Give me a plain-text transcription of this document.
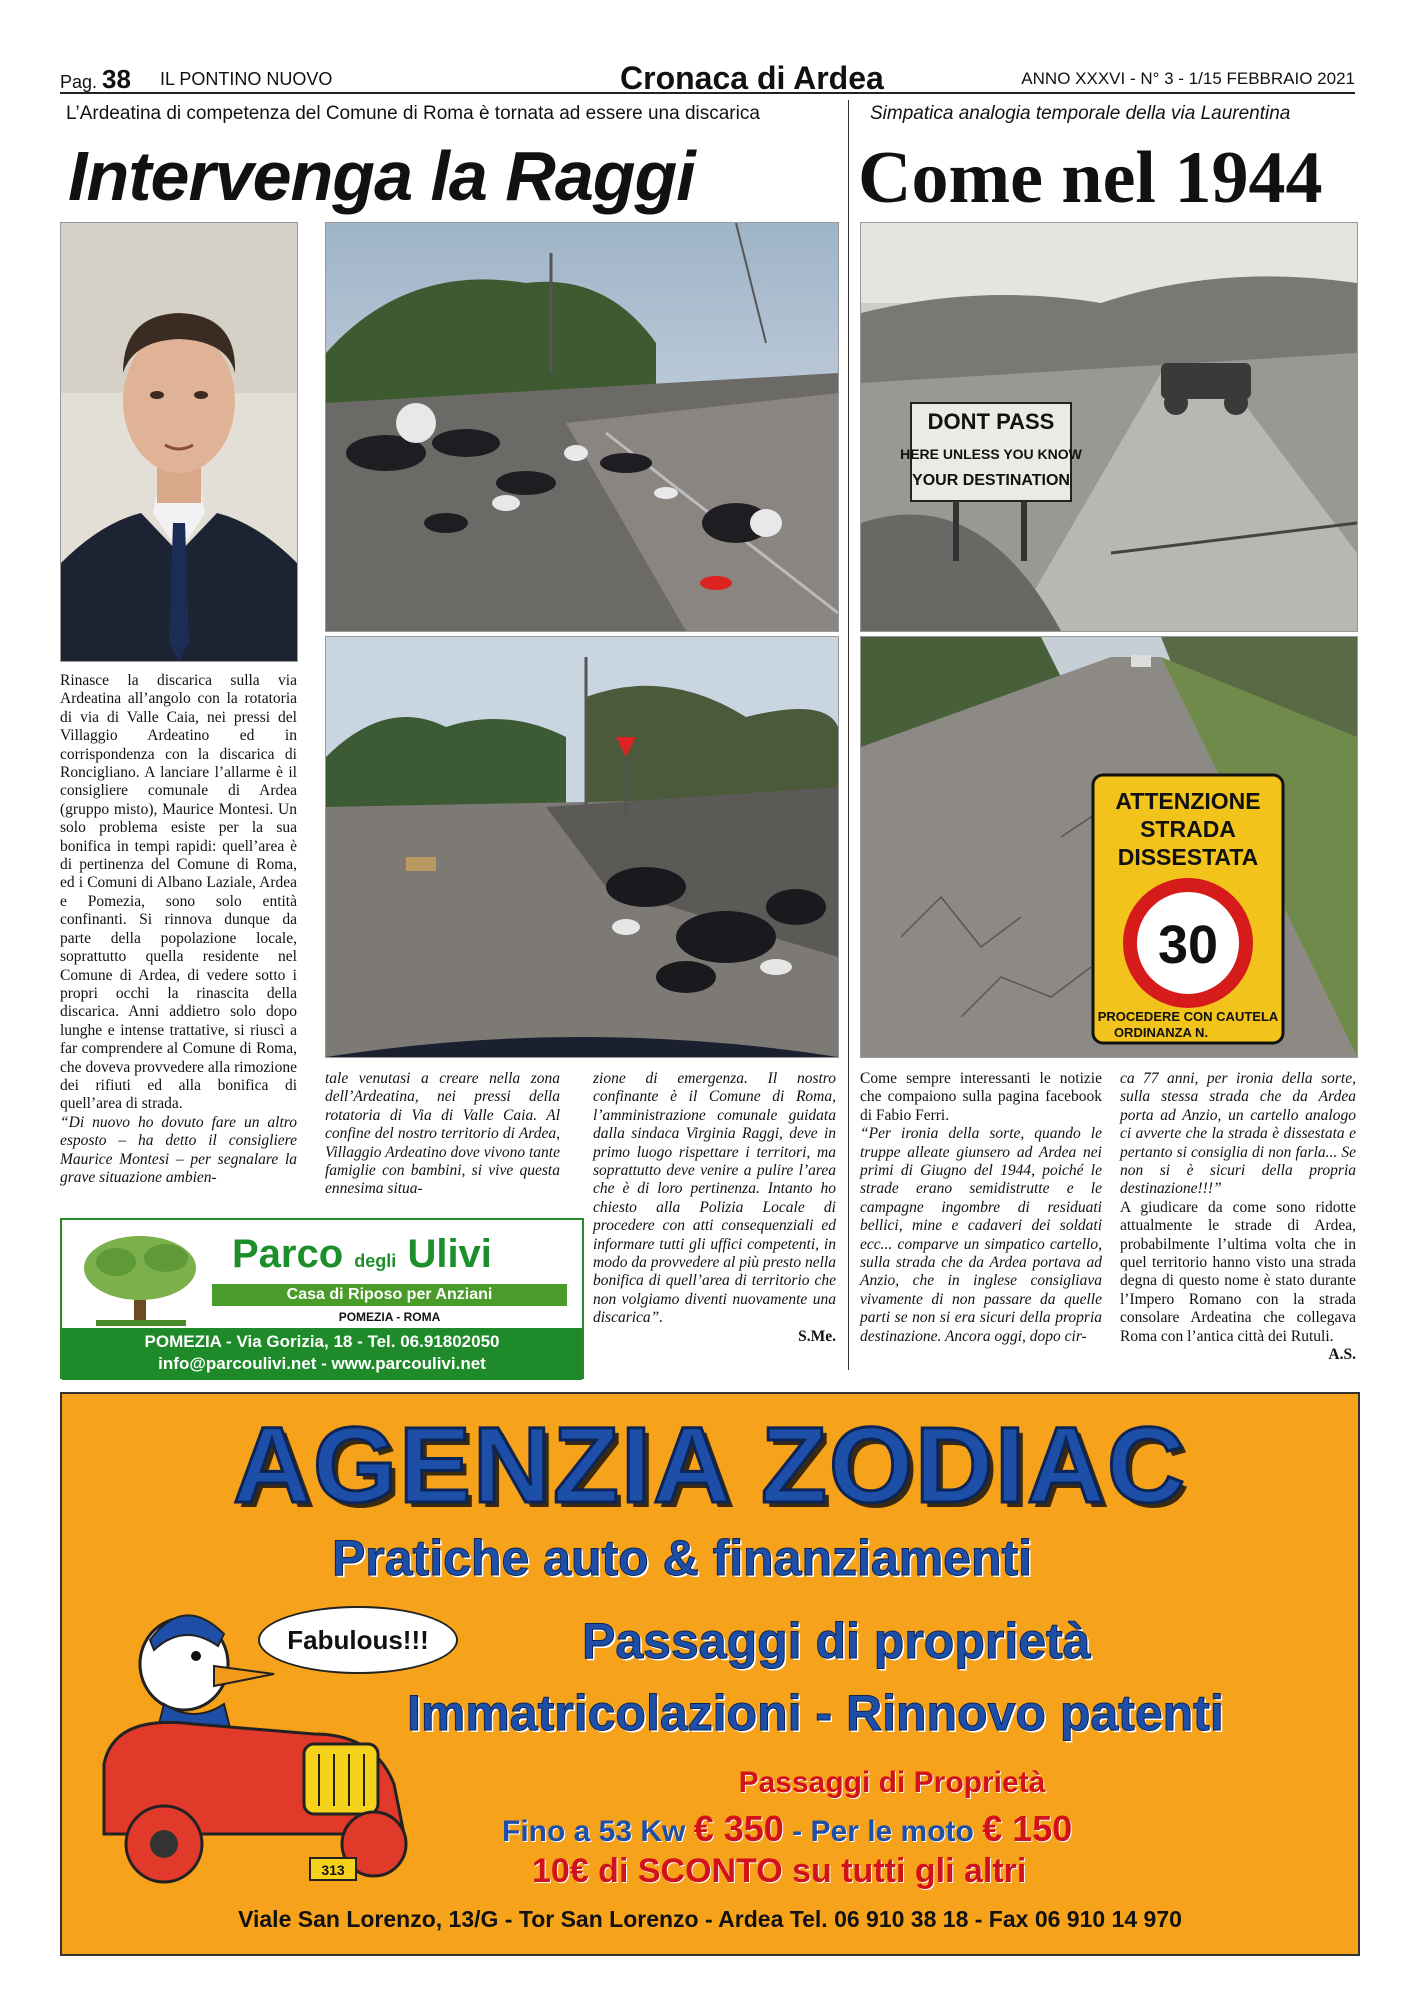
Pag. 38 IL PONTINO NUOVO	Cronaca di Ardea	ANNO XXXVI - N° 3 - 1/15 FEBBRAIO 2021
L’Ardeatina di competenza del Comune di Roma è tornata ad essere una discarica
Intervenga la Raggi

Rinasce la discarica sulla via Ardeatina all’angolo con la rotatoria di via di Valle Caia, nei pressi del Villaggio Ardeatino ed in corrispondenza con la discarica di Roncigliano. A lanciare l’allarme è il consigliere comunale di Ardea (gruppo misto), Maurice Montesi. Un solo problema esiste per la sua bonifica in tempi rapidi: quell’area è di pertinenza del Comune di Roma, ed i Comuni di Albano Laziale, Ardea e Pomezia, sono solo entità confinanti. Si rinnova dunque da parte della popolazione locale, soprattutto quella residente nel Comune di Ardea, di vedere sotto i propri occhi la rinascita della discarica. Anni addietro solo dopo lunghe e intense trattative, si riuscì a far comprendere al Comune di Roma, che doveva provvedere alla rimozione dei rifiuti ed alla bonifica di quell’area di strada.

“Di nuovo ho dovuto fare un altro esposto – ha detto il consigliere Maurice Montesi – per segnalare la grave situazione ambien-

tale venutasi a creare nella zona dell’Ardeatina, nei pressi della rotatoria di Via di Valle Caia. Al confine del nostro territorio di Ardea, Villaggio Ardeatino dove vivono tante famiglie con bambini, si vive questa ennesima situa-

zione di emergenza. Il nostro confinante è il Comune di Roma, l’amministrazione comunale guidata dalla sindaca Virginia Raggi, deve in primo luogo rispettare i territori, ma soprattutto deve venire a pulire l’area che è di loro pertinenza. Intanto ho chiesto alla Polizia Locale di procedere con atti consequenziali ed informare tutti gli uffici competenti, in modo da provvedere al più presto nella bonifica di quell’area di territorio che non volgiamo diventi nuovamente una discarica”.

S.Me.

Simpatica analogia temporale della via Laurentina
Come nel 1944
DONT PASS
HERE UNLESS YOU KNOW
YOUR DESTINATION
ATTENZIONE
STRADA
DISSESTATA
30
PROCEDERE CON CAUTELA
ORDINANZA N.

Come sempre interessanti le notizie che compaiono sulla pagina facebook di Fabio Ferri.

“Per ironia della sorte, quando le truppe alleate giunsero ad Ardea nei primi di Giugno del 1944, poiché le strade erano semidistrutte e le campagne ingombre di residuati bellici, mine e cadaveri dei soldati ecc... comparve un simpatico cartello, sulla strada che da Ardea portava ad Anzio, che in inglese consigliava vivamente di non passare da quelle parti se non si era sicuri della propria destinazione. Ancora oggi, dopo cir-

ca 77 anni, per ironia della sorte, sulla stessa strada che da Ardea porta ad Anzio, un cartello analogo ci avverte che la strada è dissestata e pertanto si consiglia di non farla... Se non si è sicuri della propria destinazione!!!”

A giudicare da come sono ridotte attualmente le strade di Ardea, probabilmente l’ultima volta che in quel territorio hanno visto una strada degna di questo nome è stato durante l’Impero Romano con la strada consolare Ardeatina che collegava Roma con l’antica città dei Rutuli.

A.S.

Parco degli Ulivi
Casa di Riposo per Anziani
POMEZIA - ROMA
POMEZIA - Via Gorizia, 18 - Tel. 06.91802050
info@parcoulivi.net - www.parcoulivi.net
AGENZIA ZODIAC
Pratiche auto & finanziamenti
313
Fabulous!!!	Passaggi di proprietà
Immatricolazioni - Rinnovo patenti
Passaggi di Proprietà
Fino a 53 Kw € 350 - Per le moto € 150
10€ di SCONTO su tutti gli altri
Viale San Lorenzo, 13/G - Tor San Lorenzo - Ardea Tel. 06 910 38 18 - Fax 06 910 14 970
